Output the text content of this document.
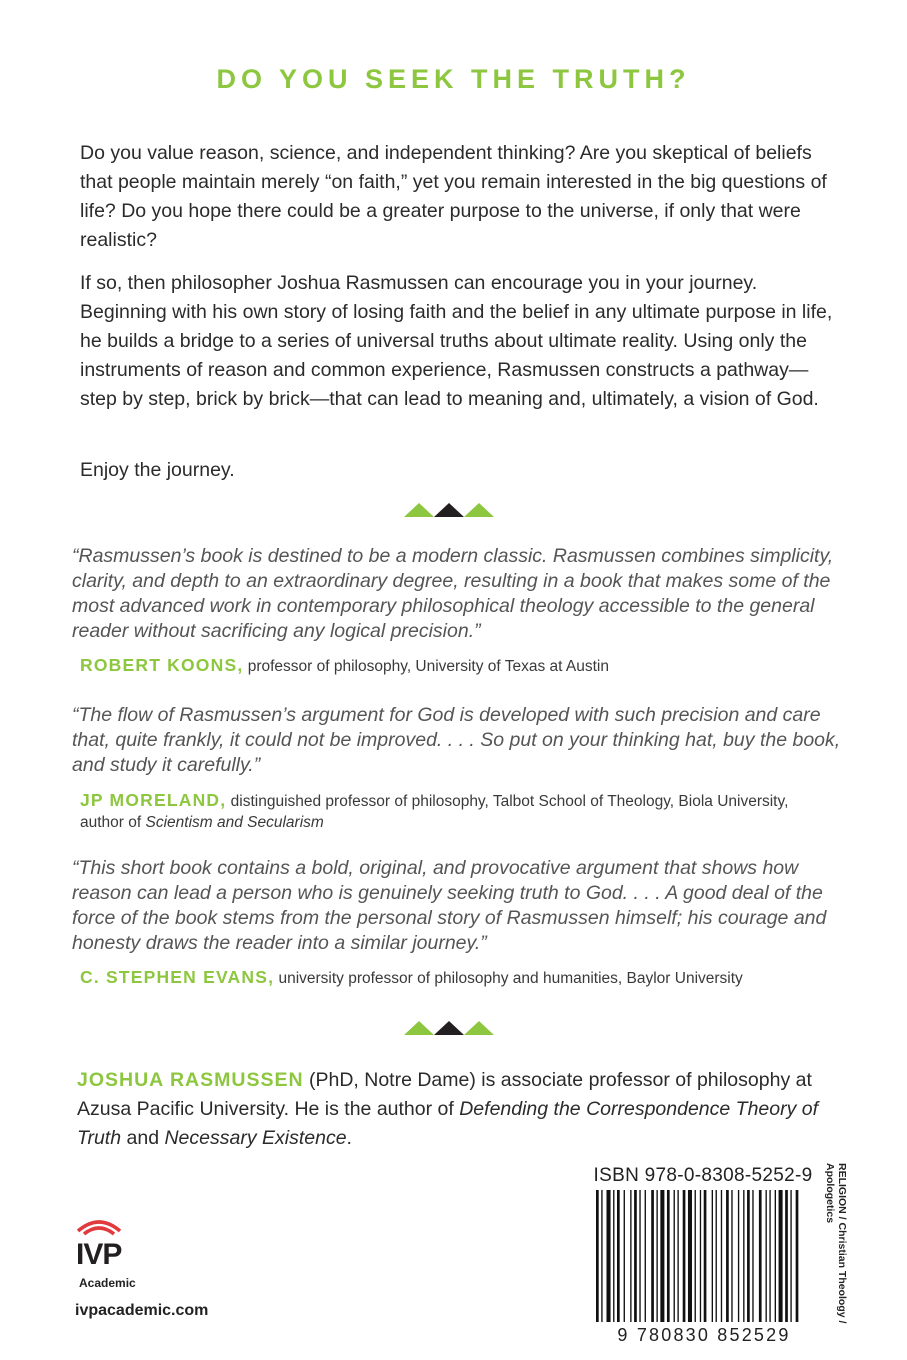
DO YOU SEEK THE TRUTH?

Do you value reason, science, and independent thinking? Are you skeptical of beliefs that people maintain merely “on faith,” yet you remain interested in the big questions of life? Do you hope there could be a greater purpose to the universe, if only that were realistic?

If so, then philosopher Joshua Rasmussen can encourage you in your journey. Beginning with his own story of losing faith and the belief in any ultimate purpose in life, he builds a bridge to a series of universal truths about ultimate reality. Using only the instruments of reason and common experience, Rasmussen constructs a pathway—step by step, brick by brick—that can lead to meaning and, ultimately, a vision of God.

Enjoy the journey.

“Rasmussen’s book is destined to be a modern classic. Rasmussen combines simplicity, clarity, and depth to an extraordinary degree, resulting in a book that makes some of the most advanced work in contemporary philosophical theology accessible to the general reader without sacrificing any logical precision.”

ROBERT KOONS, professor of philosophy, University of Texas at Austin

“The flow of Rasmussen’s argument for God is developed with such precision and care that, quite frankly, it could not be improved. . . . So put on your thinking hat, buy the book, and study it carefully.”

JP MORELAND, distinguished professor of philosophy, Talbot School of Theology, Biola University, author of Scientism and Secularism

“This short book contains a bold, original, and provocative argument that shows how reason can lead a person who is genuinely seeking truth to God. . . . A good deal of the force of the book stems from the personal story of Rasmussen himself; his courage and honesty draws the reader into a similar journey.”

C. STEPHEN EVANS, university professor of philosophy and humanities, Baylor University

JOSHUA RASMUSSEN (PhD, Notre Dame) is associate professor of philosophy at Azusa Pacific University. He is the author of Defending the Correspondence Theory of Truth and Necessary Existence.

IVP
Academic
ivpacademic.com
ISBN 978-0-8308-5252-9
9 780830 852529
RELIGION / Christian Theology /
Apologetics
